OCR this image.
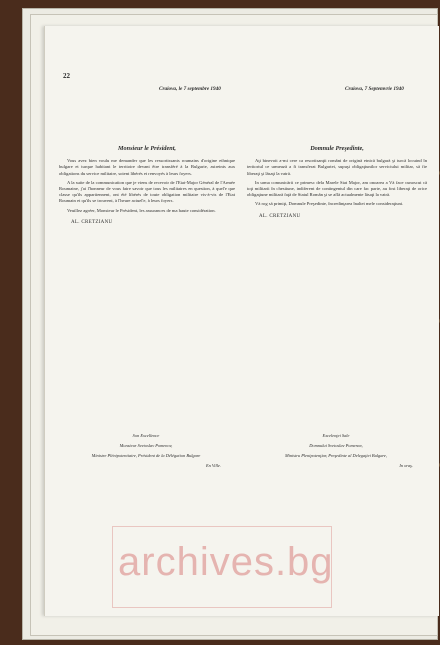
22
Craiova, le 7 septembre 1940	Craiova, 7 Septemvrie 1940
Monsieur le Président,

Vous avez bien voulu me demander que les ressortissants roumains d'origine ethnique bulgare et turque habitant le territoire devant être transféré à la Bulgarie, astreints aux obligations du service militaire, soient libérés et renvoyés à leurs foyers.

A la suite de la communication que je viens de recevoir de l'Etat-Major Général de l'Armée Roumaine, j'ai l'honneur de vous faire savoir que tous les militaires en question, à quel'e que classe qu'ils appartiennent, ont été libérés de toute obligation militaire vis-à-vis de l'Etat Roumain et qu'ils se trouvent, à l'heure actuel'e, à leurs foyers.

Veuillez agréer, Monsieur le Président, les assurances de ma haute considération.

AL. CRETZIANU
Domnule Preşedinte,

Aţi binevoit a-mi cere ca resortisanţii români de origină etnică bulgară şi turcă locuind în teritoriul ce urmează a fi transferat Bulgariei, supuşi obligaţiunilor serviciului militar, să fie liberaţi şi lăsaţi la vatră.

In urma comunicării ce primesc dela Marele Stat Major, am onoarea a Vă face cunoscut că toţi militarii în chestiune, indiferent de contingentul din care fac parte, au fost liberaţi de orice obligaţiune militară faţă de Statul Român şi se află actualmente lăsaţi la vatră.

Vă rog să primiţi, Domnule Preşedinte, încredinţarea înaltei mele consideraţiuni.

AL. CRETZIANU
Son Excellence
Monsieur Svetoslav Pomenov,
Ministre Plénipotentiaire, Président de la Délégation Bulgare
En Ville.
Excelenţei Sale
Domnului Svetoslav Pomenov,
Ministru Plenipotenţiar, Preşedinte al Delegaţiei Bulgare,
In oraş.
archives.bg
